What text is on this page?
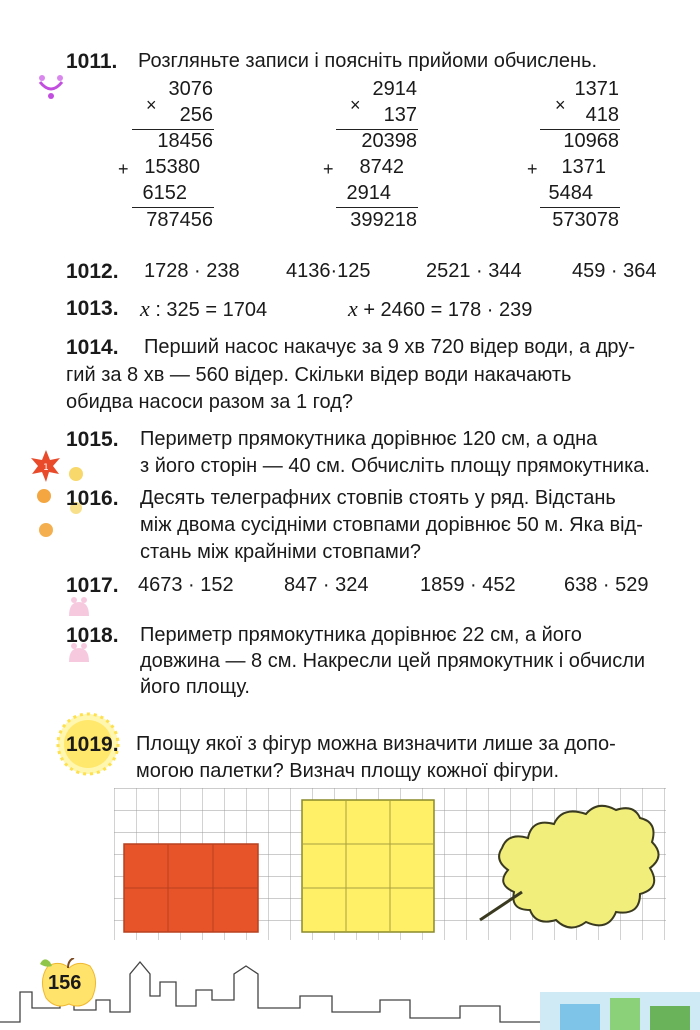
1
1011. Розгляньте записи і поясніть прийоми обчислень.
×
3076
256
18456
+ 15380
6152
787456
×
2914
137
20398
+ 8742
2914
399218
×
1371
418
10968
+ 1371
5484
573078
1012. 1728 · 238 4136·125	2521 · 344	459 · 364
1013. x : 325 = 1704	x + 2460 = 178 · 239
1014. Перший насос накачує за 9 хв 720 відер води, а дру-
гий за 8 хв — 560 відер. Скільки відер води накачають
обидва насоси разом за 1 год?
1015. Периметр прямокутника дорівнює 120 см, а одна
з його сторін — 40 см. Обчисліть площу прямокутника.
1016. Десять телеграфних стовпів стоять у ряд. Відстань
між двома сусідніми стовпами дорівнює 50 м. Яка від-
стань між крайніми стовпами?
1017. 4673 · 152	847 · 324	1859 · 452 638 · 529
1018. Периметр прямокутника дорівнює 22 см, а його
довжина — 8 см. Накресли цей прямокутник і обчисли
його площу.
1019. Площу якої з фігур можна визначити лише за допо-
могою палетки? Визнач площу кожної фігури.
156
